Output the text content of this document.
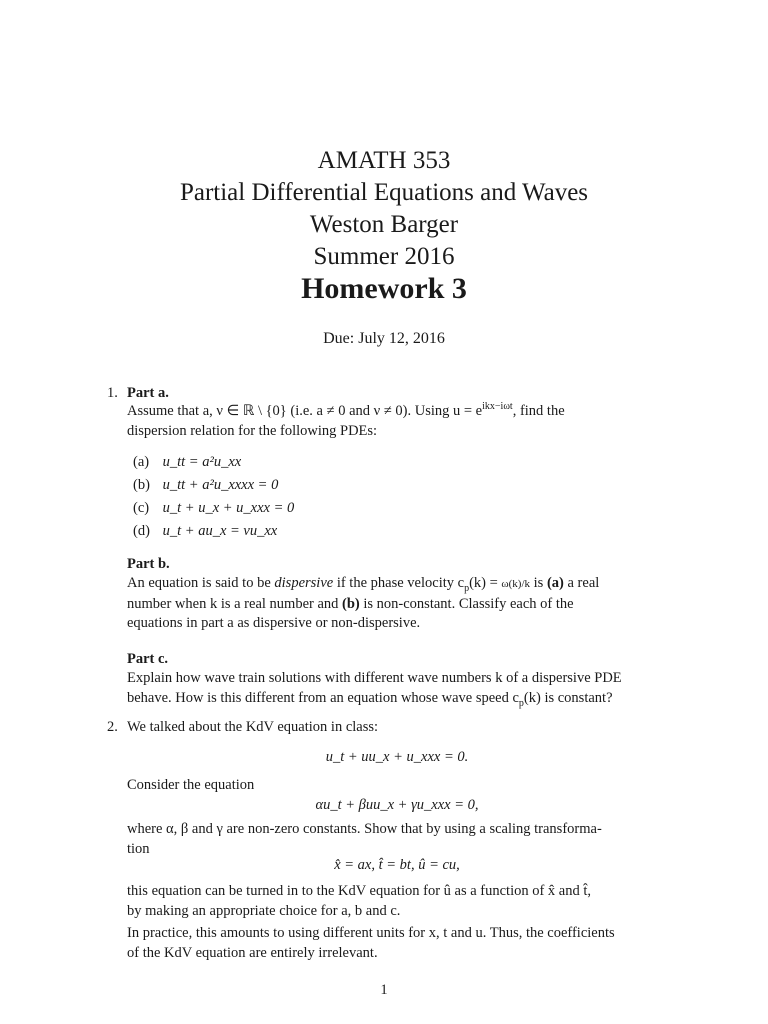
AMATH 353
Partial Differential Equations and Waves
Weston Barger
Summer 2016
Homework 3
Due: July 12, 2016
1. Part a.
Assume that a, ν ∈ ℝ \ {0} (i.e. a ≠ 0 and ν ≠ 0). Using $u = e^{ikx-i\omega t}$, find the
dispersion relation for the following PDEs:
(a) u_tt = a²u_xx
(b) u_tt + a²u_xxxx = 0
(c) u_t + u_x + u_xxx = 0
(d) u_t + au_x = νu_xx
Part b.
An equation is said to be dispersive if the phase velocity $c_p(k) = \omega(k)/k$ is (a) a real
number when k is a real number and (b) is non-constant. Classify each of the
equations in part a as dispersive or non-dispersive.
Part c.
Explain how wave train solutions with different wave numbers k of a dispersive PDE
behave. How is this different from an equation whose wave speed $c_p(k)$ is constant?
2. We talked about the KdV equation in class:
u_t + uu_x + u_xxx = 0.
Consider the equation
αu_t + βuu_x + γu_xxx = 0,
where α, β and γ are non-zero constants. Show that by using a scaling transforma-
tion
x̂ = ax, t̂ = bt, û = cu,
this equation can be turned in to the KdV equation for û as a function of x̂ and t̂,
by making an appropriate choice for a, b and c.
In practice, this amounts to using different units for x, t and u. Thus, the coefficients
of the KdV equation are entirely irrelevant.
1
